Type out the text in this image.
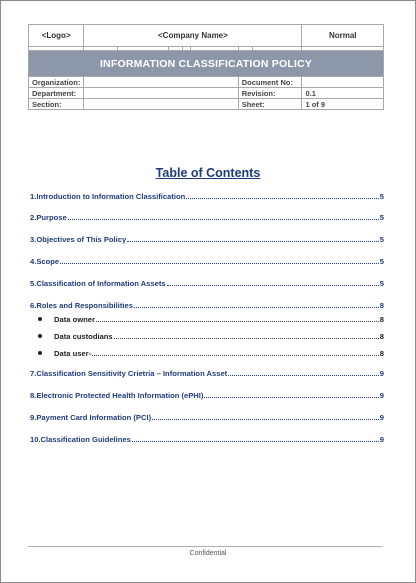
<Logo>	<Company Name>							Normal

INFORMATION CLASSIFICATION POLICY								
Organization:						Document No:		
Department:						Revision:		0.1
Section:						Sheet:		1 of 9
Table of Contents
1.Introduction to Information Classification	5
2.Purpose	5
3.Objectives of This Policy	5
4.Scope	5
5.Classification of Information Assets	5
6.Roles and Responsibilities	8
Data owner	8
Data custodians	8
Data user-	8
7.Classification Sensitivity Crietria – Information Asset	9
8.Electronic Protected Health Information (ePHI)	9
9.Payment Card Information (PCI)	9
10.Classification Guidelines	9
Confidential
